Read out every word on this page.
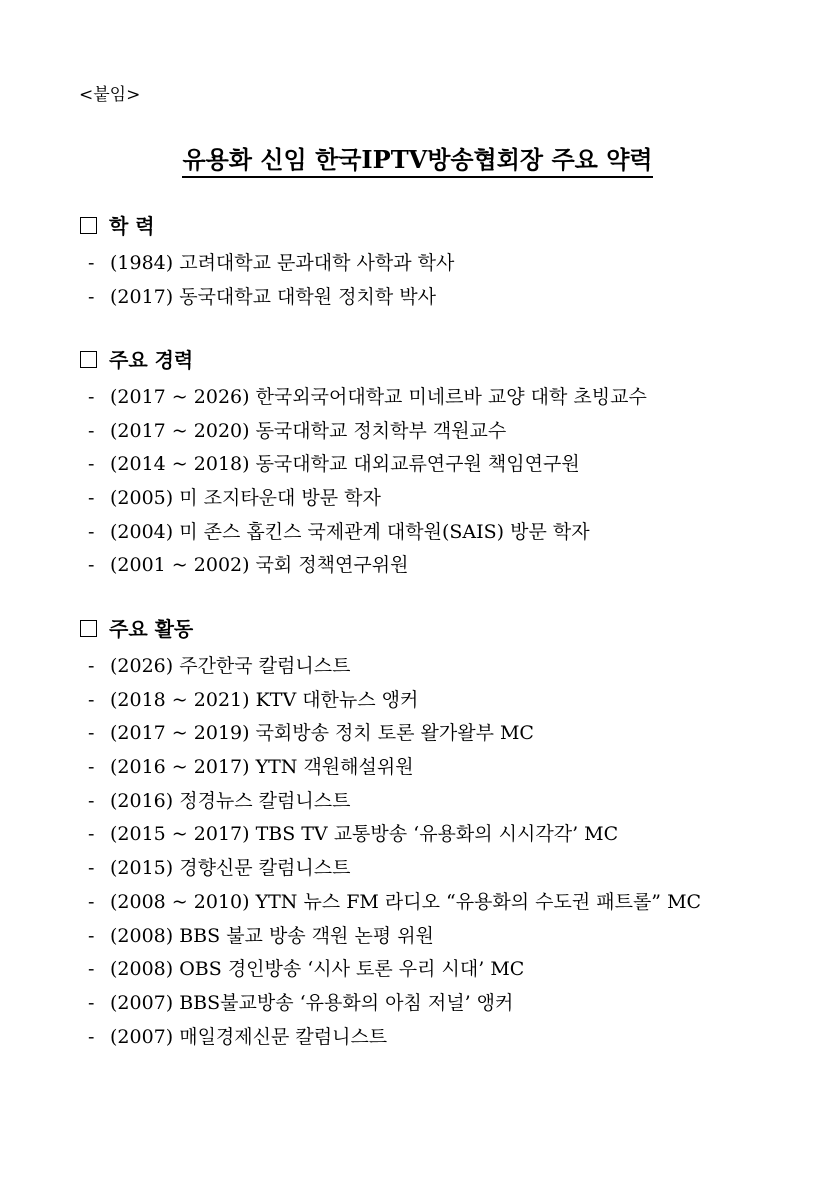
<붙임>
유용화 신임 한국IPTV방송협회장 주요 약력
학 력
- (1984) 고려대학교 문과대학 사학과 학사
- (2017) 동국대학교 대학원 정치학 박사
주요 경력
- (2017 ~ 2026) 한국외국어대학교 미네르바 교양 대학 초빙교수
- (2017 ~ 2020) 동국대학교 정치학부 객원교수
- (2014 ~ 2018) 동국대학교 대외교류연구원 책임연구원
- (2005) 미 조지타운대 방문 학자
- (2004) 미 존스 홉킨스 국제관계 대학원(SAIS) 방문 학자
- (2001 ~ 2002) 국회 정책연구위원
주요 활동
- (2026) 주간한국 칼럼니스트
- (2018 ~ 2021) KTV 대한뉴스 앵커
- (2017 ~ 2019) 국회방송 정치 토론 왈가왈부 MC
- (2016 ~ 2017) YTN 객원해설위원
- (2016) 정경뉴스 칼럼니스트
- (2015 ~ 2017) TBS TV 교통방송 ‘유용화의 시시각각’ MC
- (2015) 경향신문 칼럼니스트
- (2008 ~ 2010) YTN 뉴스 FM 라디오 “유용화의 수도권 패트롤” MC
- (2008) BBS 불교 방송 객원 논평 위원
- (2008) OBS 경인방송 ‘시사 토론 우리 시대’ MC
- (2007) BBS불교방송 ‘유용화의 아침 저널’ 앵커
- (2007) 매일경제신문 칼럼니스트
